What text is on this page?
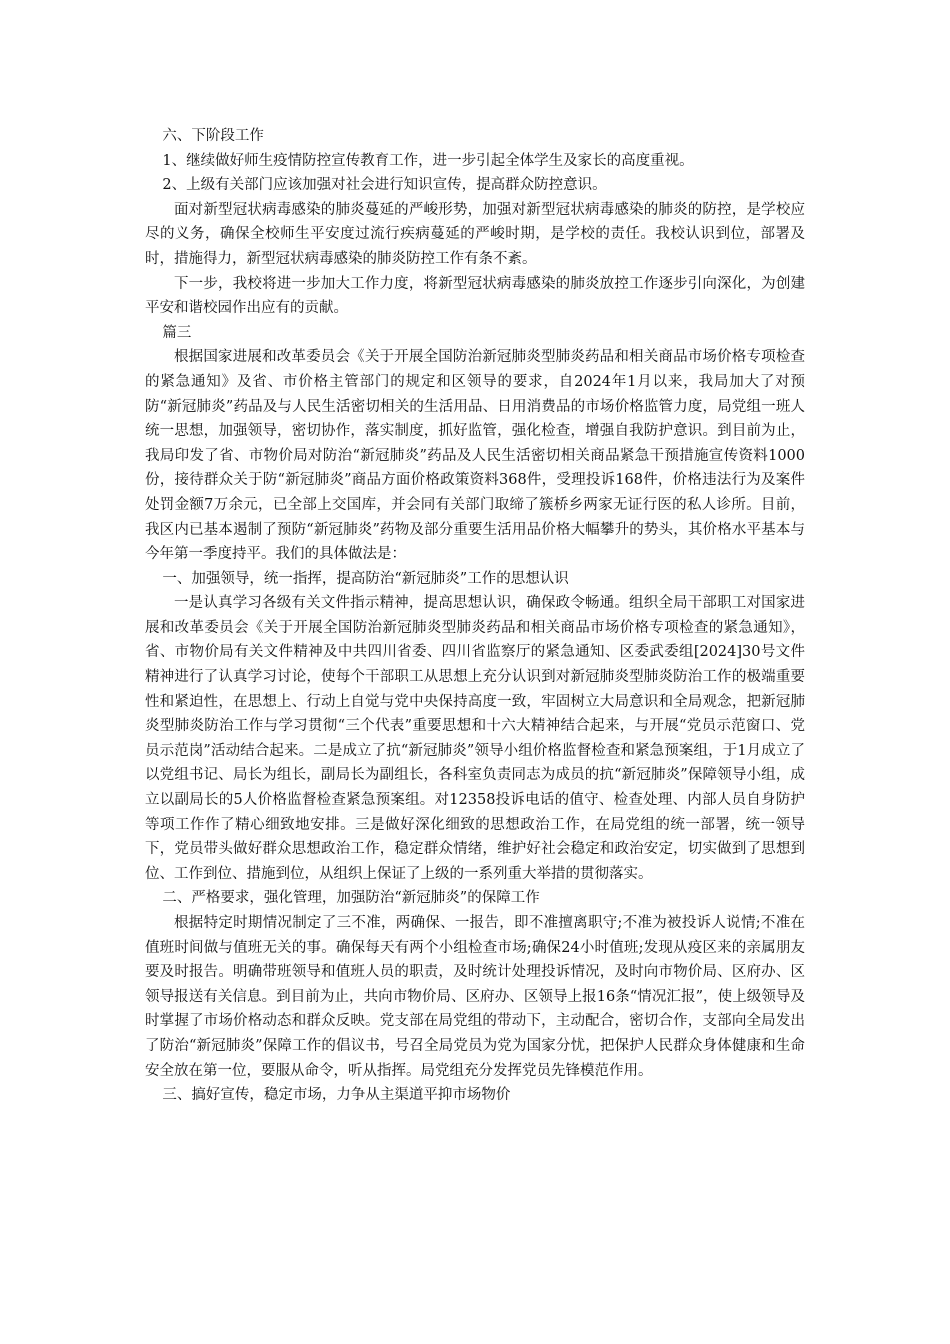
六、下阶段工作

1、继续做好师生疫情防控宣传教育工作，进一步引起全体学生及家长的高度重视。

2、上级有关部门应该加强对社会进行知识宣传，提高群众防控意识。

面对新型冠状病毒感染的肺炎蔓延的严峻形势，加强对新型冠状病毒感染的肺炎的防控，是学校应尽的义务，确保全校师生平安度过流行疾病蔓延的严峻时期，是学校的责任。我校认识到位，部署及时，措施得力，新型冠状病毒感染的肺炎防控工作有条不紊。

下一步，我校将进一步加大工作力度，将新型冠状病毒感染的肺炎放控工作逐步引向深化，为创建平安和谐校园作出应有的贡献。

篇三

根据国家进展和改革委员会《关于开展全国防治新冠肺炎型肺炎药品和相关商品市场价格专项检查的紧急通知》及省、市价格主管部门的规定和区领导的要求，自2024年1月以来，我局加大了对预防“新冠肺炎”药品及与人民生活密切相关的生活用品、日用消费品的市场价格监管力度，局党组一班人统一思想，加强领导，密切协作，落实制度，抓好监管，强化检查，增强自我防护意识。到目前为止，我局印发了省、市物价局对防治“新冠肺炎”药品及人民生活密切相关商品紧急干预措施宣传资料1000份，接待群众关于防“新冠肺炎”商品方面价格政策资料368件，受理投诉168件，价格违法行为及案件处罚金额7万余元，已全部上交国库，并会同有关部门取缔了簇桥乡两家无证行医的私人诊所。目前，我区内已基本遏制了预防“新冠肺炎”药物及部分重要生活用品价格大幅攀升的势头，其价格水平基本与今年第一季度持平。我们的具体做法是：

一、加强领导，统一指挥，提高防治“新冠肺炎”工作的思想认识

一是认真学习各级有关文件指示精神，提高思想认识，确保政令畅通。组织全局干部职工对国家进展和改革委员会《关于开展全国防治新冠肺炎型肺炎药品和相关商品市场价格专项检查的紧急通知》，省、市物价局有关文件精神及中共四川省委、四川省监察厅的紧急通知、区委武委组[2024]30号文件精神进行了认真学习讨论，使每个干部职工从思想上充分认识到对新冠肺炎型肺炎防治工作的极端重要性和紧迫性，在思想上、行动上自觉与党中央保持高度一致，牢固树立大局意识和全局观念，把新冠肺炎型肺炎防治工作与学习贯彻“三个代表”重要思想和十六大精神结合起来，与开展“党员示范窗口、党员示范岗”活动结合起来。二是成立了抗“新冠肺炎”领导小组价格监督检查和紧急预案组，于1月成立了以党组书记、局长为组长，副局长为副组长，各科室负责同志为成员的抗“新冠肺炎”保障领导小组，成立以副局长的5人价格监督检查紧急预案组。对12358投诉电话的值守、检查处理、内部人员自身防护等项工作作了精心细致地安排。三是做好深化细致的思想政治工作，在局党组的统一部署，统一领导下，党员带头做好群众思想政治工作，稳定群众情绪，维护好社会稳定和政治安定，切实做到了思想到位、工作到位、措施到位，从组织上保证了上级的一系列重大举措的贯彻落实。

二、严格要求，强化管理，加强防治“新冠肺炎”的保障工作

根据特定时期情况制定了三不准，两确保、一报告，即不准擅离职守;不准为被投诉人说情;不准在值班时间做与值班无关的事。确保每天有两个小组检查市场;确保24小时值班;发现从疫区来的亲属朋友要及时报告。明确带班领导和值班人员的职责，及时统计处理投诉情况，及时向市物价局、区府办、区领导报送有关信息。到目前为止，共向市物价局、区府办、区领导上报16条“情况汇报”，使上级领导及时掌握了市场价格动态和群众反映。党支部在局党组的带动下，主动配合，密切合作，支部向全局发出了防治“新冠肺炎”保障工作的倡议书，号召全局党员为党为国家分忧，把保护人民群众身体健康和生命安全放在第一位，要服从命令，听从指挥。局党组充分发挥党员先锋模范作用。

三、搞好宣传，稳定市场，力争从主渠道平抑市场物价
